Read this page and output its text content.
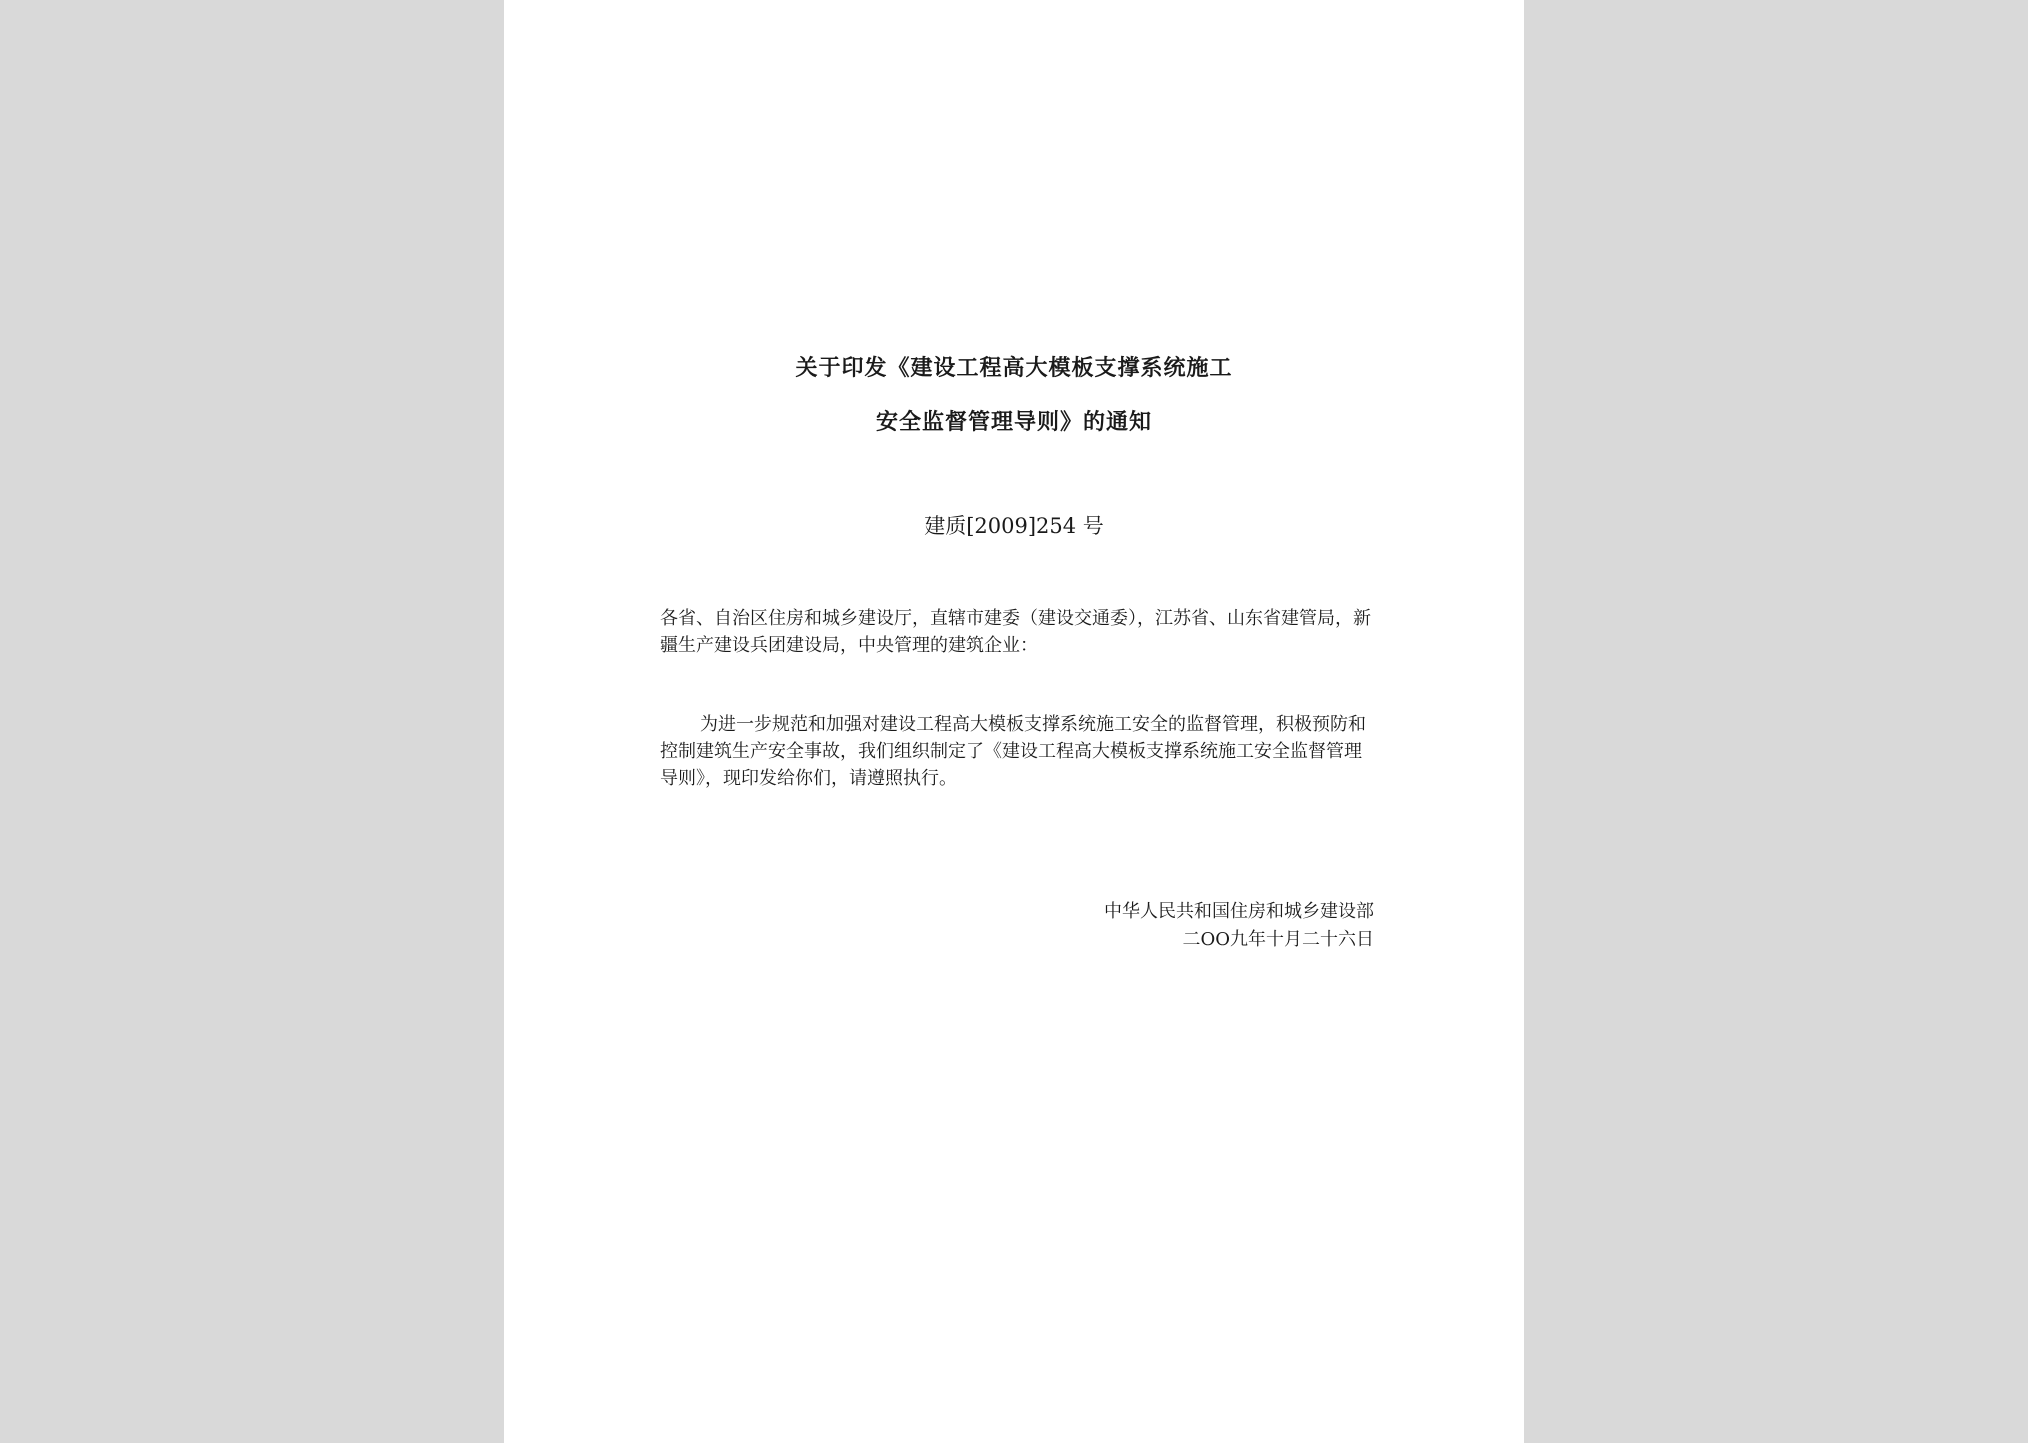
关于印发《建设工程高大模板支撑系统施工
安全监督管理导则》的通知
建质[2009]254 号
各省、自治区住房和城乡建设厅，直辖市建委（建设交通委），江苏省、山东省建管局，新疆生产建设兵团建设局，中央管理的建筑企业：
为进一步规范和加强对建设工程高大模板支撑系统施工安全的监督管理，积极预防和控制建筑生产安全事故，我们组织制定了《建设工程高大模板支撑系统施工安全监督管理导则》，现印发给你们，请遵照执行。
中华人民共和国住房和城乡建设部
二OO九年十月二十六日
